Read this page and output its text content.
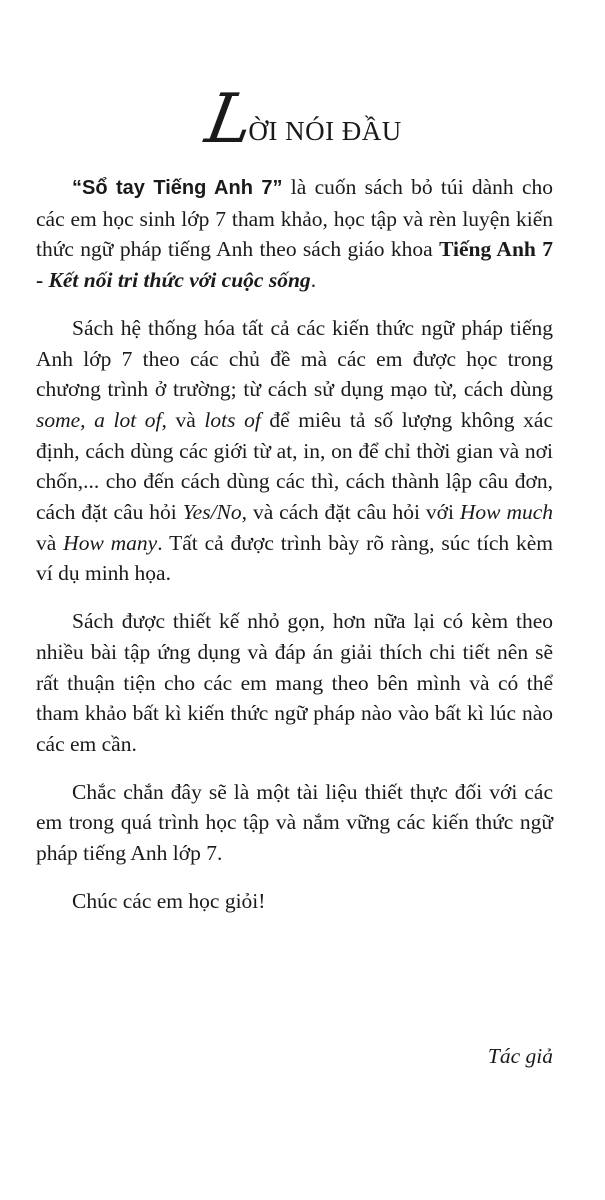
L
ỜI NÓI ĐẦU

“Sổ tay Tiếng Anh 7” là cuốn sách bỏ túi dành cho các em học sinh lớp 7 tham khảo, học tập và rèn luyện kiến thức ngữ pháp tiếng Anh theo sách giáo khoa Tiếng Anh 7 - Kết nối tri thức với cuộc sống.

Sách hệ thống hóa tất cả các kiến thức ngữ pháp tiếng Anh lớp 7 theo các chủ đề mà các em được học trong chương trình ở trường; từ cách sử dụng mạo từ, cách dùng some, a lot of, và lots of để miêu tả số lượng không xác định, cách dùng các giới từ at, in, on để chỉ thời gian và nơi chốn,... cho đến cách dùng các thì, cách thành lập câu đơn, cách đặt câu hỏi Yes/No, và cách đặt câu hỏi với How much và How many. Tất cả được trình bày rõ ràng, súc tích kèm ví dụ minh họa.

Sách được thiết kế nhỏ gọn, hơn nữa lại có kèm theo nhiều bài tập ứng dụng và đáp án giải thích chi tiết nên sẽ rất thuận tiện cho các em mang theo bên mình và có thể tham khảo bất kì kiến thức ngữ pháp nào vào bất kì lúc nào các em cần.

Chắc chắn đây sẽ là một tài liệu thiết thực đối với các em trong quá trình học tập và nắm vững các kiến thức ngữ pháp tiếng Anh lớp 7.

Chúc các em học giỏi!

Tác giả
